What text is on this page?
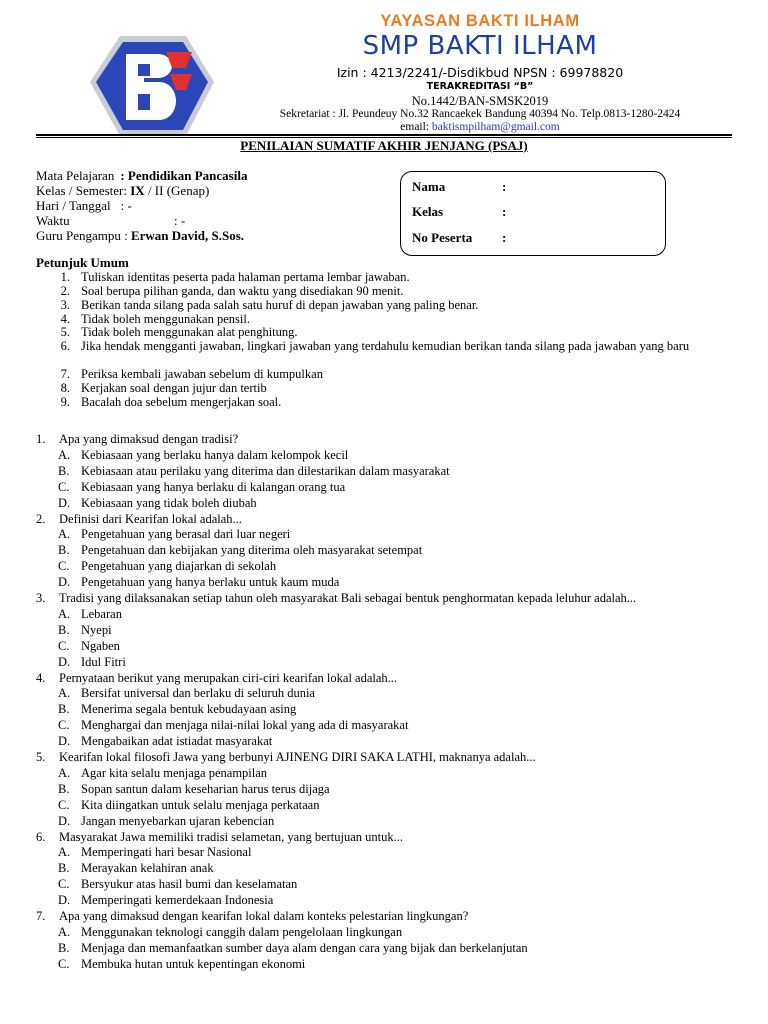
YAYASAN BAKTI ILHAM
SMP BAKTI ILHAM
Izin : 4213/2241/-Disdikbud NPSN : 69978820
TERAKREDITASI “B”
No.1442/BAN-SMSK2019
Sekretariat : Jl. Peundeuy No.32 Rancaekek Bandung 40394 No. Telp.0813-1280-2424
email: baktismpilham@gmail.com
PENILAIAN SUMATIF AKHIR JENJANG (PSAJ)
Mata Pelajaran : Pendidikan Pancasila
Kelas / Semester: IX / II (Genap)
Hari / Tanggal : -
Waktu	: -
Guru Pengampu : Erwan David, S.Sos.
Nama	:
Kelas	:
No Peserta :
Petunjuk Umum
1. Tuliskan identitas peserta pada halaman pertama lembar jawaban.
2. Soal berupa pilihan ganda, dan waktu yang disediakan 90 menit.
3. Berikan tanda silang pada salah satu huruf di depan jawaban yang paling benar.
4. Tidak boleh menggunakan pensil.
5. Tidak boleh menggunakan alat penghitung.
6. Jika hendak mengganti jawaban, lingkari jawaban yang terdahulu kemudian berikan tanda silang pada jawaban yang baru
7. Periksa kembali jawaban sebelum di kumpulkan
8. Kerjakan soal dengan jujur dan tertib
9. Bacalah doa sebelum mengerjakan soal.
1. Apa yang dimaksud dengan tradisi?
A. Kebiasaan yang berlaku hanya dalam kelompok kecil
B. Kebiasaan atau perilaku yang diterima dan dilestarikan dalam masyarakat
C. Kebiasaan yang hanya berlaku di kalangan orang tua
D. Kebiasaan yang tidak boleh diubah
2. Definisi dari Kearifan lokal adalah...
A. Pengetahuan yang berasal dari luar negeri
B. Pengetahuan dan kebijakan yang diterima oleh masyarakat setempat
C. Pengetahuan yang diajarkan di sekolah
D. Pengetahuan yang hanya berlaku untuk kaum muda
3. Tradisi yang dilaksanakan setiap tahun oleh masyarakat Bali sebagai bentuk penghormatan kepada leluhur adalah...
A. Lebaran
B. Nyepi
C. Ngaben
D. Idul Fitri
4. Pernyataan berikut yang merupakan ciri-ciri kearifan lokal adalah...
A. Bersifat universal dan berlaku di seluruh dunia
B. Menerima segala bentuk kebudayaan asing
C. Menghargai dan menjaga nilai-nilai lokal yang ada di masyarakat
D. Mengabaikan adat istiadat masyarakat
5. Kearifan lokal filosofi Jawa yang berbunyi AJINENG DIRI SAKA LATHI, maknanya adalah...
A. Agar kita selalu menjaga penampilan
B. Sopan santun dalam keseharian harus terus dijaga
C. Kita diingatkan untuk selalu menjaga perkataan
D. Jangan menyebarkan ujaran kebencian
6. Masyarakat Jawa memiliki tradisi selametan, yang bertujuan untuk...
A. Memperingati hari besar Nasional
B. Merayakan kelahiran anak
C. Bersyukur atas hasil bumi dan keselamatan
D. Memperingati kemerdekaan Indonesia
7. Apa yang dimaksud dengan kearifan lokal dalam konteks pelestarian lingkungan?
A. Menggunakan teknologi canggih dalam pengelolaan lingkungan
B. Menjaga dan memanfaatkan sumber daya alam dengan cara yang bijak dan berkelanjutan
C. Membuka hutan untuk kepentingan ekonomi
